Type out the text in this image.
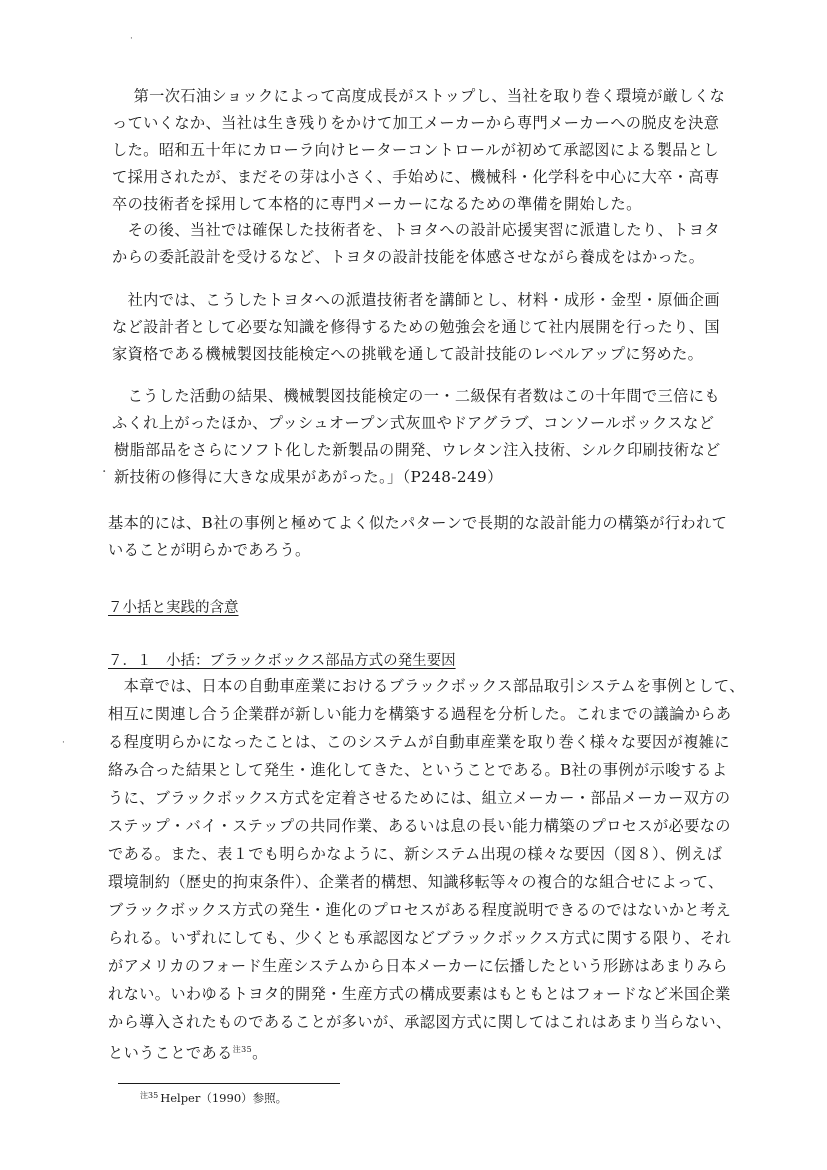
·
　第一次石油ショックによって高度成長がストップし、当社を取り巻く環境が厳しくな
っていくなか、当社は生き残りをかけて加工メーカーから専門メーカーへの脱皮を決意
した。昭和五十年にカローラ向けヒーターコントロールが初めて承認図による製品とし
て採用されたが、まだその芽は小さく、手始めに、機械科・化学科を中心に大卒・高専
卒の技術者を採用して本格的に専門メーカーになるための準備を開始した。
　その後、当社では確保した技術者を、トヨタへの設計応援実習に派遣したり、トヨタ
からの委託設計を受けるなど、トヨタの設計技能を体感させながら養成をはかった。
　社内では、こうしたトヨタへの派遣技術者を講師とし、材料・成形・金型・原価企画
など設計者として必要な知識を修得するための勉強会を通じて社内展開を行ったり、国
家資格である機械製図技能検定への挑戦を通して設計技能のレベルアップに努めた。
　こうした活動の結果、機械製図技能検定の一・二級保有者数はこの十年間で三倍にも
ふくれ上がったほか、プッシュオープン式灰皿やドアグラブ、コンソールボックスなど
樹脂部品をさらにソフト化した新製品の開発、ウレタン注入技術、シルク印刷技術など
新技術の修得に大きな成果があがった。」（P248-249）
·
基本的には、B社の事例と極めてよく似たパターンで長期的な設計能力の構築が行われて
いることが明らかであろう。
７小括と実践的含意
７．１　小括：ブラックボックス部品方式の発生要因
　本章では、日本の自動車産業におけるブラックボックス部品取引システムを事例として、
相互に関連し合う企業群が新しい能力を構築する過程を分析した。これまでの議論からあ
る程度明らかになったことは、このシステムが自動車産業を取り巻く様々な要因が複雑に
絡み合った結果として発生・進化してきた、ということである。B社の事例が示唆するよ
うに、ブラックボックス方式を定着させるためには、組立メーカー・部品メーカー双方の
ステップ・バイ・ステップの共同作業、あるいは息の長い能力構築のプロセスが必要なの
である。また、表１でも明らかなように、新システム出現の様々な要因（図８）、例えば
環境制約（歴史的拘束条件）、企業者的構想、知識移転等々の複合的な組合せによって、
ブラックボックス方式の発生・進化のプロセスがある程度説明できるのではないかと考え
られる。いずれにしても、少くとも承認図などブラックボックス方式に関する限り、それ
がアメリカのフォード生産システムから日本メーカーに伝播したという形跡はあまりみら
れない。いわゆるトヨタ的開発・生産方式の構成要素はもともとはフォードなど米国企業
から導入されたものであることが多いが、承認図方式に関してはこれはあまり当らない、
ということである$^{注35}$。
·
$^{注35}$ Helper（1990）参照。
